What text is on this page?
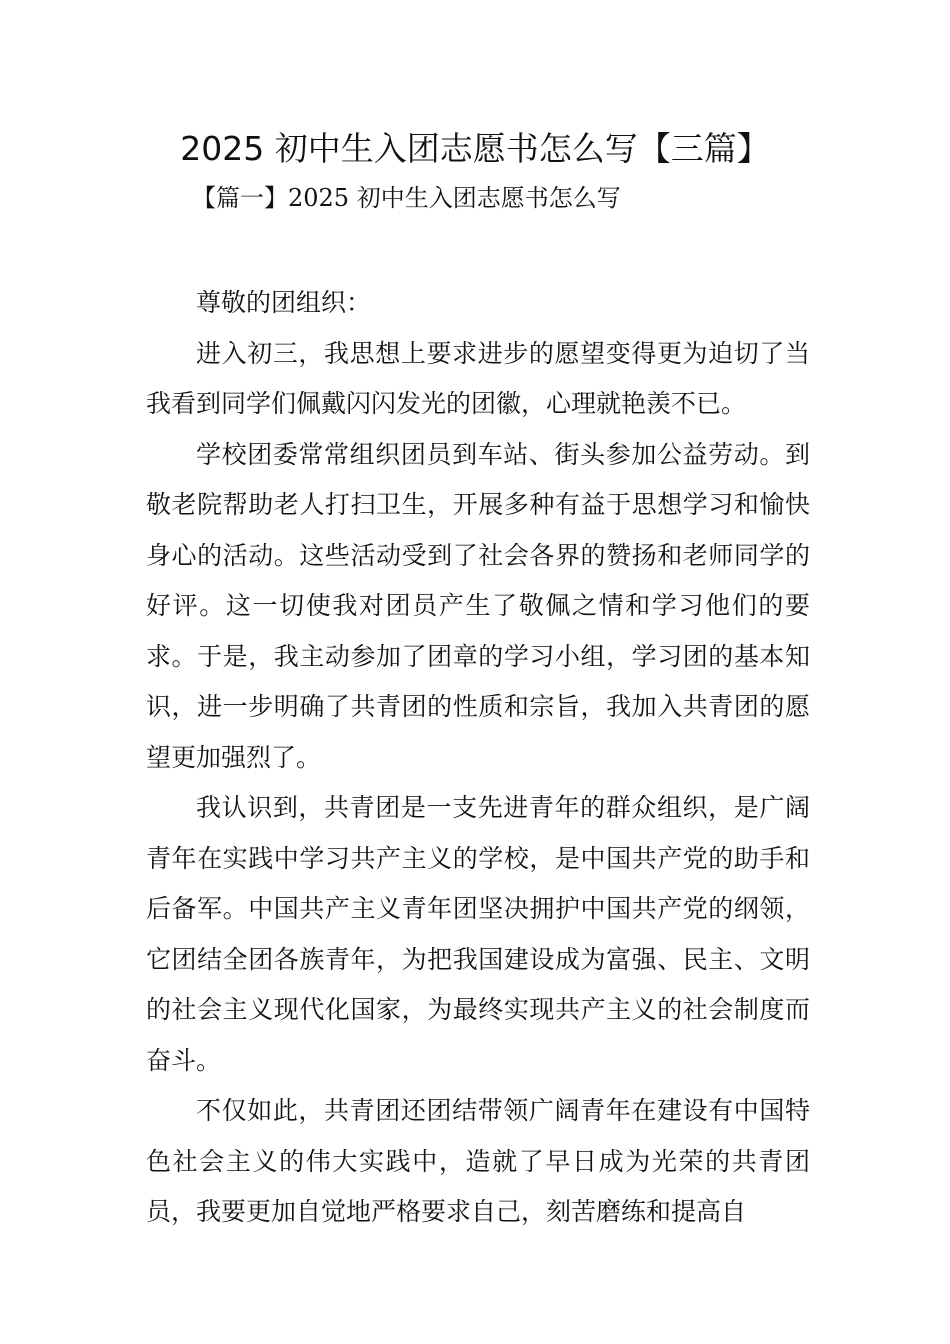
2025 初中生入团志愿书怎么写【三篇】
【篇一】2025 初中生入团志愿书怎么写

尊敬的团组织：

进入初三，我思想上要求进步的愿望变得更为迫切了当我看到同学们佩戴闪闪发光的团徽，心理就艳羡不已。

学校团委常常组织团员到车站、街头参加公益劳动。到敬老院帮助老人打扫卫生，开展多种有益于思想学习和愉快身心的活动。这些活动受到了社会各界的赞扬和老师同学的好评。这一切使我对团员产生了敬佩之情和学习他们的要求。于是，我主动参加了团章的学习小组，学习团的基本知识，进一步明确了共青团的性质和宗旨，我加入共青团的愿望更加强烈了。

我认识到，共青团是一支先进青年的群众组织，是广阔青年在实践中学习共产主义的学校，是中国共产党的助手和后备军。中国共产主义青年团坚决拥护中国共产党的纲领，它团结全团各族青年，为把我国建设成为富强、民主、文明的社会主义现代化国家，为最终实现共产主义的社会制度而奋斗。

不仅如此，共青团还团结带领广阔青年在建设有中国特色社会主义的伟大实践中，造就了早日成为光荣的共青团员，我要更加自觉地严格要求自己，刻苦磨练和提高自
